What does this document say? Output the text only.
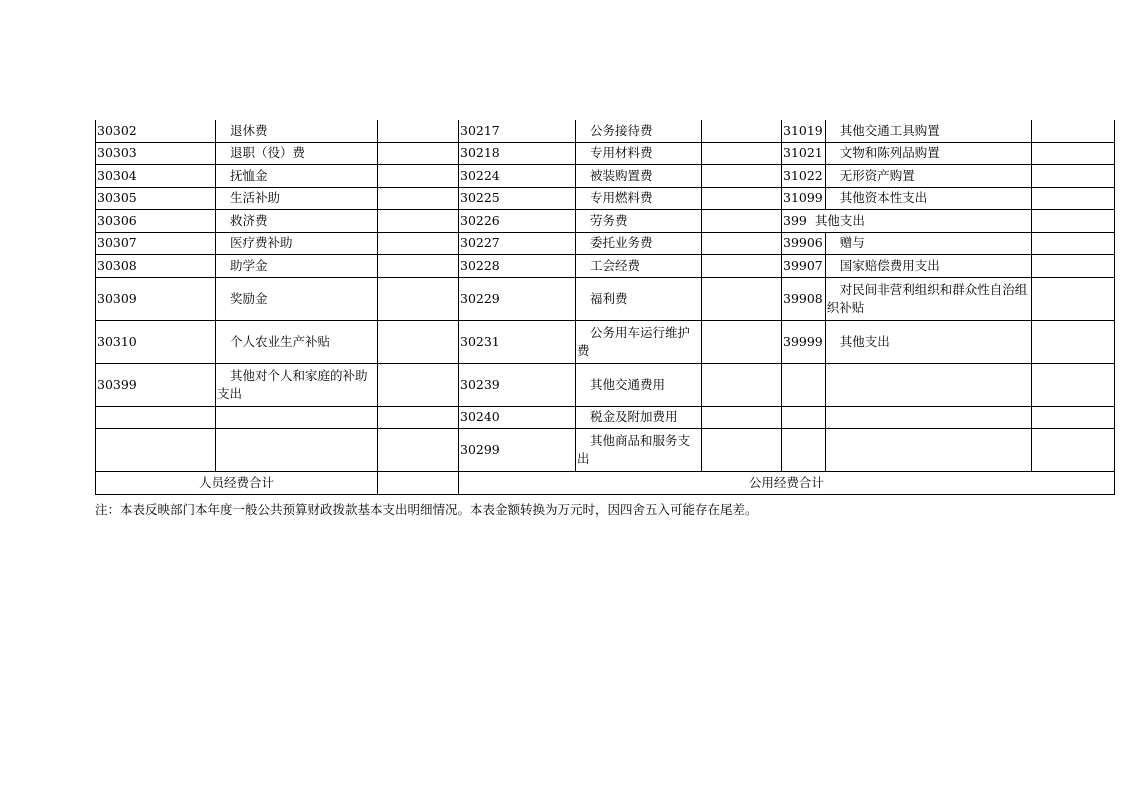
30302	退休费		30217	公务接待费		31019	其他交通工具购置	
30303	退职（役）费		30218	专用材料费		31021	文物和陈列品购置	
30304	抚恤金		30224	被装购置费		31022	无形资产购置	
30305	生活补助		30225	专用燃料费		31099	其他资本性支出	
30306	救济费		30226	劳务费		399 其他支出		
30307	医疗费补助		30227	委托业务费		39906	赠与	
30308	助学金		30228	工会经费		39907	国家赔偿费用支出	
30309	奖励金		30229	福利费		39908	对民间非营利组织和群众性自治组织补贴	
30310	个人农业生产补贴		30231	公务用车运行维护费		39999	其他支出	
30399	其他对个人和家庭的补助支出		30239	其他交通费用				
			30240	税金及附加费用				
			30299	其他商品和服务支出				
人员经费合计			公用经费合计					
注：本表反映部门本年度一般公共预算财政拨款基本支出明细情况。本表金额转换为万元时，因四舍五入可能存在尾差。
